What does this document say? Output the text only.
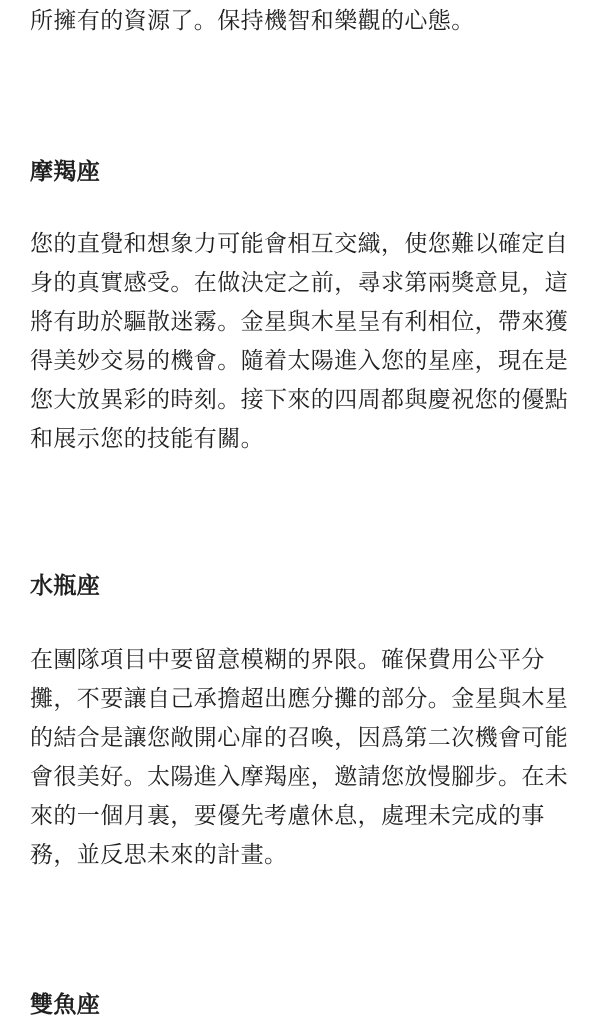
所擁有的資源了。保持機智和樂觀的心態。

摩羯座

您的直覺和想象力可能會相互交織，使您難以確定自身的真實感受。在做決定之前，尋求第兩獎意見，這將有助於驅散迷霧。金星與木星呈有利相位，帶來獲得美妙交易的機會。隨着太陽進入您的星座，現在是您大放異彩的時刻。接下來的四周都與慶祝您的優點和展示您的技能有關。

水瓶座

在團隊項目中要留意模糊的界限。確保費用公平分攤，不要讓自己承擔超出應分攤的部分。金星與木星的結合是讓您敞開心扉的召喚，因爲第二次機會可能會很美好。太陽進入摩羯座，邀請您放慢腳步。在未來的一個月裏，要優先考慮休息，處理未完成的事務，並反思未來的計畫。

雙魚座
